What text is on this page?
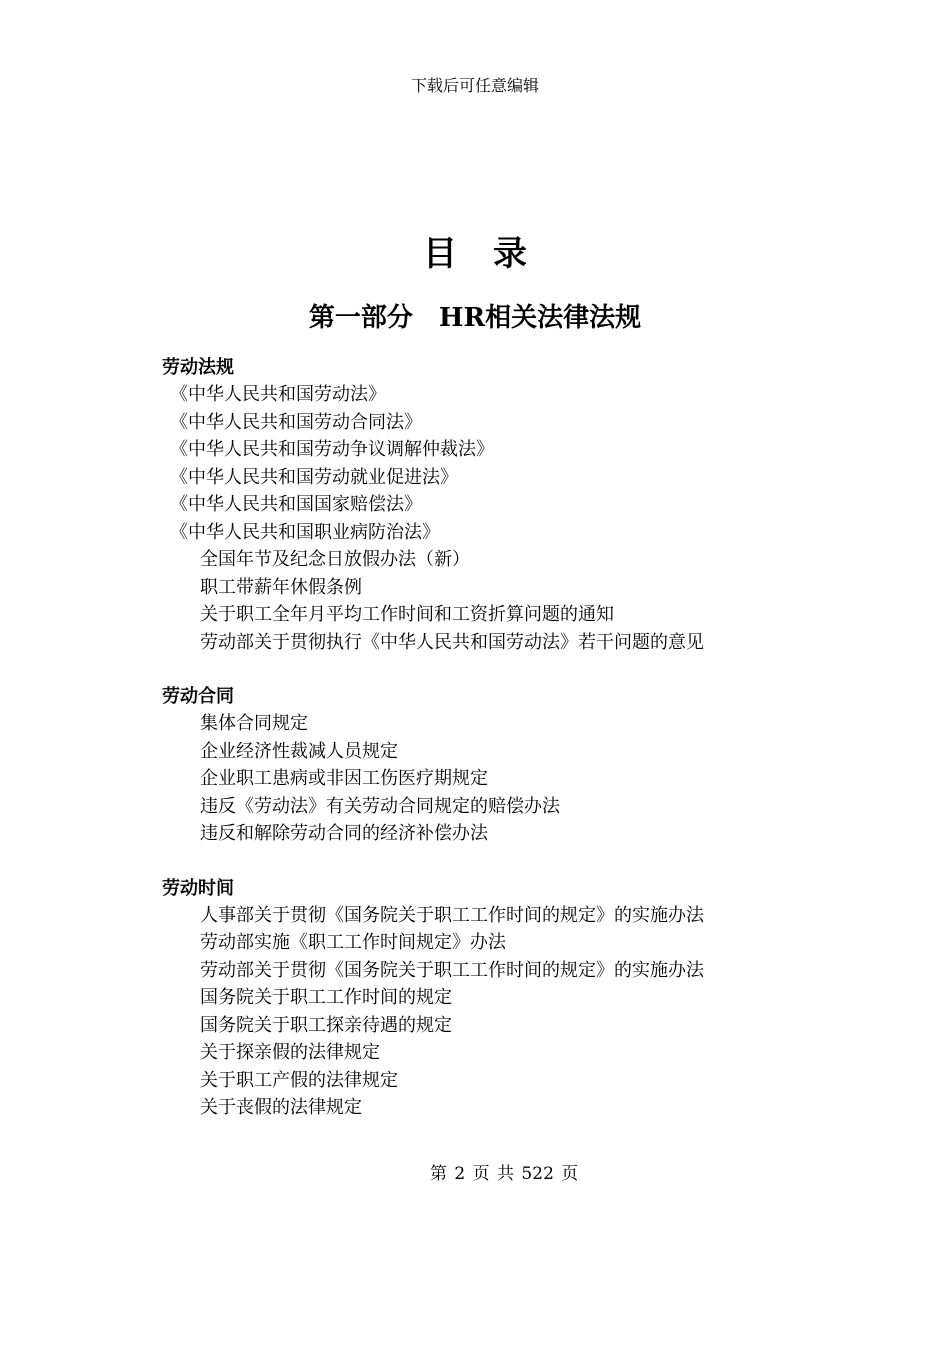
下载后可任意编辑
目录
第一部分　HR相关法律法规
劳动法规
《中华人民共和国劳动法》
《中华人民共和国劳动合同法》
《中华人民共和国劳动争议调解仲裁法》
《中华人民共和国劳动就业促进法》
《中华人民共和国国家赔偿法》
《中华人民共和国职业病防治法》
全国年节及纪念日放假办法（新）
职工带薪年休假条例
关于职工全年月平均工作时间和工资折算问题的通知
劳动部关于贯彻执行《中华人民共和国劳动法》若干问题的意见
劳动合同
集体合同规定
企业经济性裁减人员规定
企业职工患病或非因工伤医疗期规定
违反《劳动法》有关劳动合同规定的赔偿办法
违反和解除劳动合同的经济补偿办法
劳动时间
人事部关于贯彻《国务院关于职工工作时间的规定》的实施办法
劳动部实施《职工工作时间规定》办法
劳动部关于贯彻《国务院关于职工工作时间的规定》的实施办法
国务院关于职工工作时间的规定
国务院关于职工探亲待遇的规定
关于探亲假的法律规定
关于职工产假的法律规定
关于丧假的法律规定
第 2 页 共 522 页
